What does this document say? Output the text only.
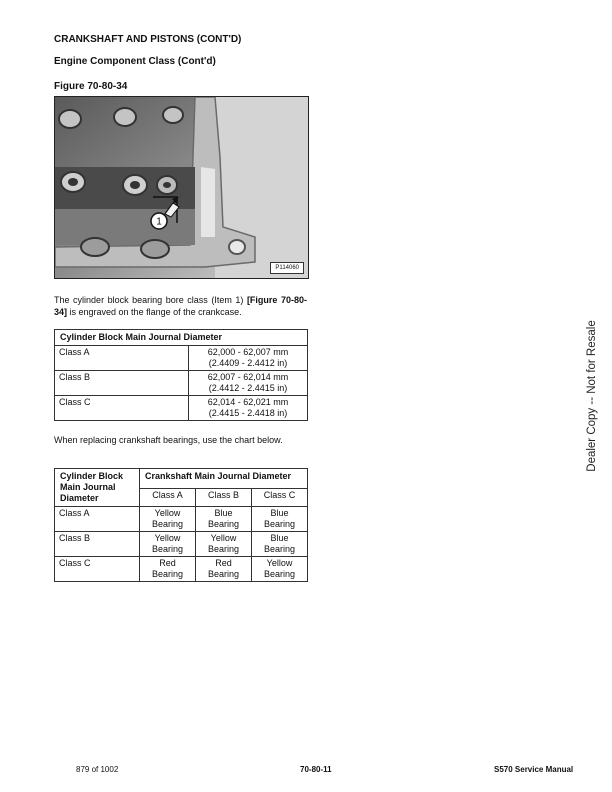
CRANKSHAFT AND PISTONS (CONT'D)
Engine Component Class (Cont'd)
Figure 70-80-34
1
P114060
The cylinder block bearing bore class (Item 1) [Figure 70-80-34] is engraved on the flange of the crankcase.
Cylinder Block Main Journal Diameter	
Class A	62,000 - 62,007 mm
(2.4409 - 2.4412 in)
Class B	62,007 - 62,014 mm
(2.4412 - 2.4415 in)
Class C	62,014 - 62,021 mm
(2.4415 - 2.4418 in)
When replacing crankshaft bearings, use the chart below.
Cylinder Block Main Journal Diameter	Crankshaft Main Journal Diameter		
	Class A	Class B	Class C
Class A	Yellow Bearing	Blue Bearing	Blue Bearing
Class B	Yellow Bearing	Yellow Bearing	Blue Bearing
Class C	Red Bearing	Red Bearing	Yellow Bearing
Dealer Copy -- Not for Resale
879 of 1002	70-80-11	S570 Service Manual
